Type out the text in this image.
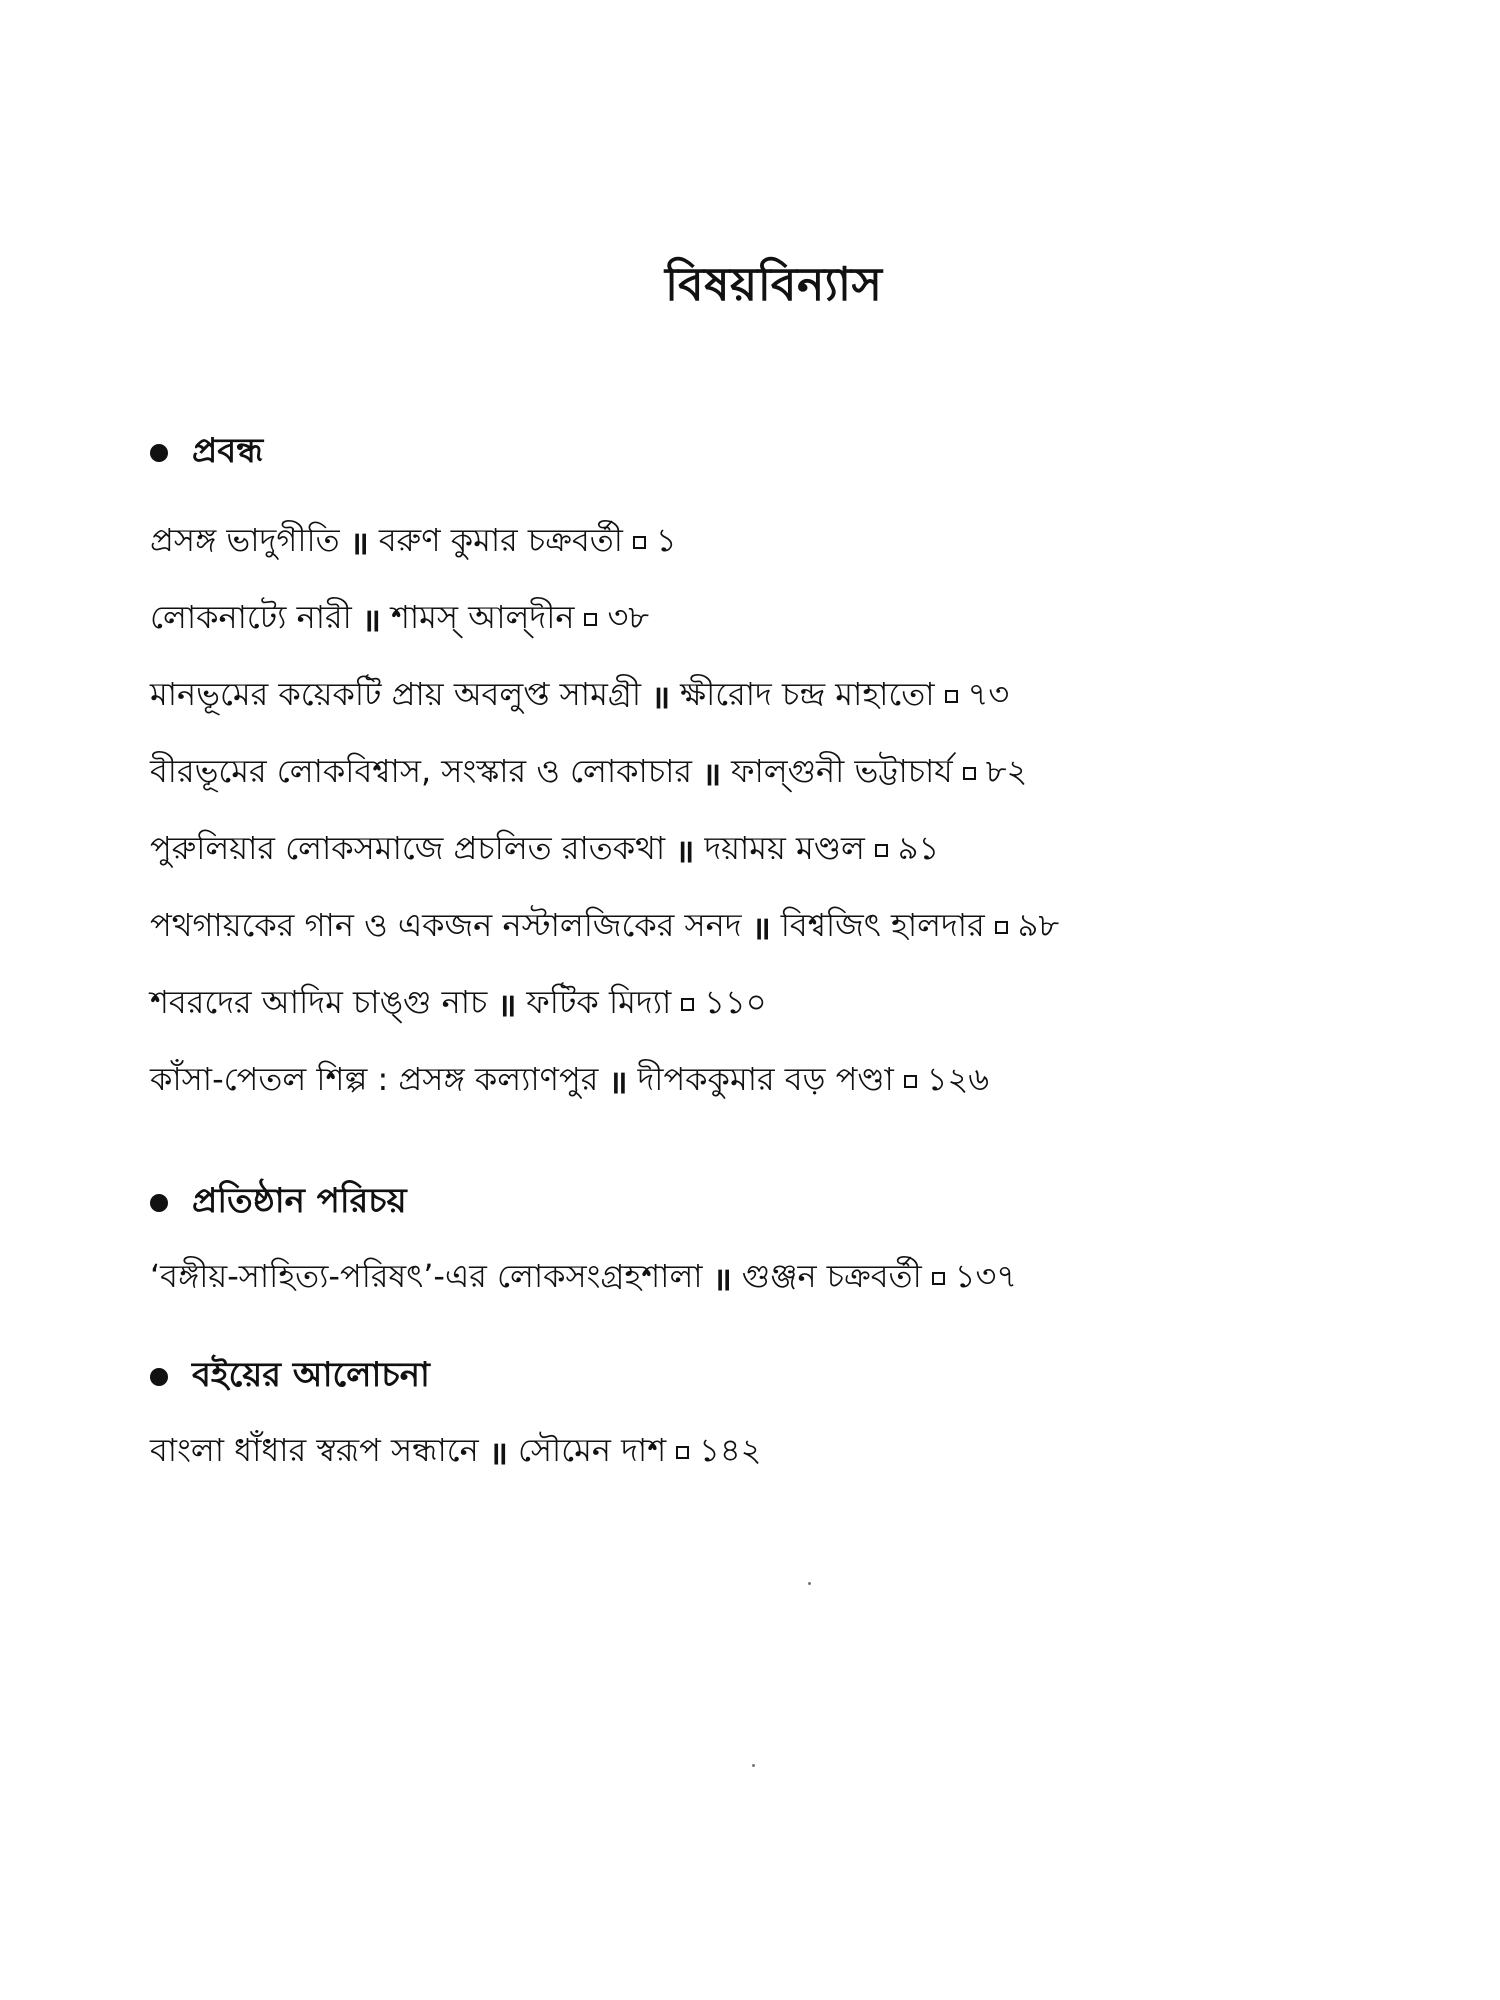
বিষয়বিন্যাস
প্রবন্ধ
প্রসঙ্গ ভাদুগীতি ॥ বরুণ কুমার চক্রবর্তী ১
লোকনাট্যে নারী ॥ শামস্ আল্‌দীন ৩৮
মানভূমের কয়েকটি প্রায় অবলুপ্ত সামগ্রী ॥ ক্ষীরোদ চন্দ্র মাহাতো ৭৩
বীরভূমের লোকবিশ্বাস, সংস্কার ও লোকাচার ॥ ফাল্গুনী ভট্টাচার্য ৮২
পুরুলিয়ার লোকসমাজে প্রচলিত রাতকথা ॥ দয়াময় মণ্ডল ৯১
পথগায়কের গান ও একজন নস্টালজিকের সনদ ॥ বিশ্বজিৎ হালদার ৯৮
শবরদের আদিম চাঙ্গু নাচ ॥ ফটিক মিদ্যা ১১০
কাঁসা-পেতল শিল্প : প্রসঙ্গ কল্যাণপুর ॥ দীপককুমার বড় পণ্ডা ১২৬
প্রতিষ্ঠান পরিচয়
‘বঙ্গীয়-সাহিত্য-পরিষৎ’-এর লোকসংগ্রহশালা ॥ গুঞ্জন চক্রবর্তী ১৩৭
বইয়ের আলোচনা
বাংলা ধাঁধার স্বরূপ সন্ধানে ॥ সৌমেন দাশ ১৪২
